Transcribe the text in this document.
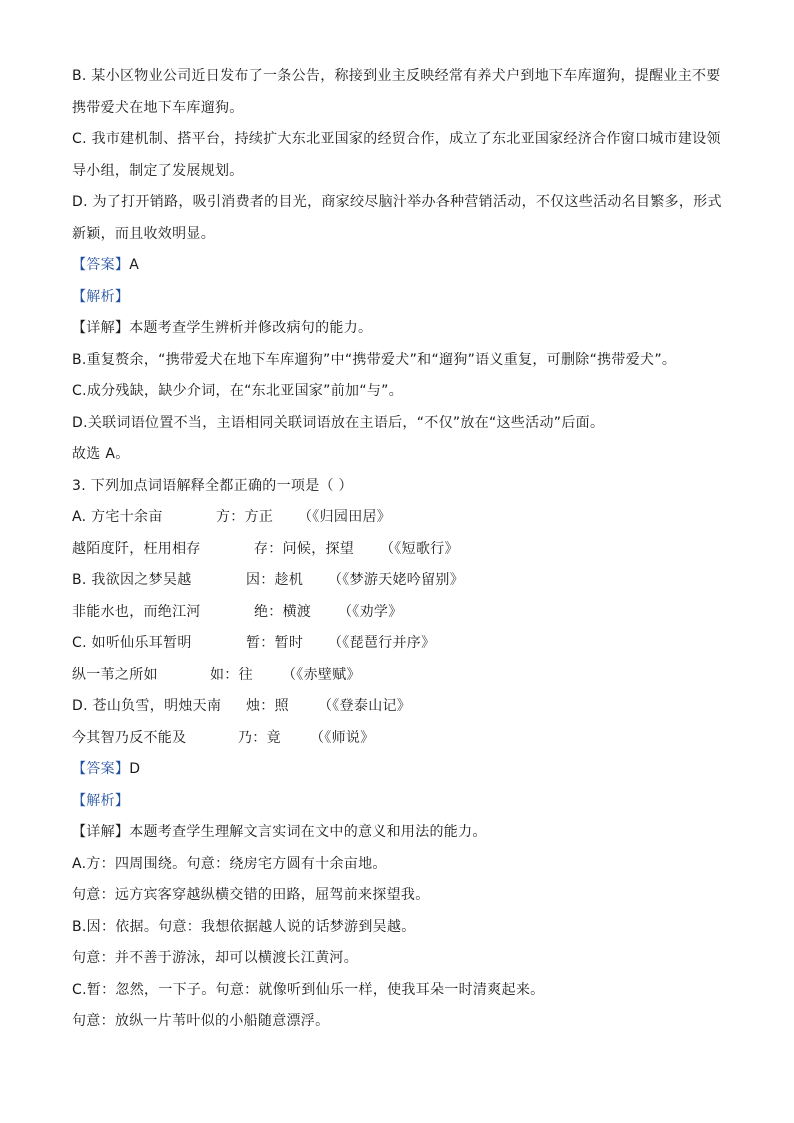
B. 某小区物业公司近日发布了一条公告，称接到业主反映经常有养犬户到地下车库遛狗，提醒业主不要
携带爱犬在地下车库遛狗。
C. 我市建机制、搭平台，持续扩大东北亚国家的经贸合作，成立了东北亚国家经济合作窗口城市建设领
导小组，制定了发展规划。
D. 为了打开销路，吸引消费者的目光，商家绞尽脑汁举办各种营销活动，不仅这些活动名目繁多，形式
新颖，而且收效明显。
【答案】A
【解析】
【详解】本题考查学生辨析并修改病句的能力。
B.重复赘余，“携带爱犬在地下车库遛狗”中“携带爱犬”和“遛狗”语义重复，可删除“携带爱犬”。
C.成分残缺，缺少介词，在“东北亚国家”前加“与”。
D.关联词语位置不当，主语相同关联词语放在主语后，“不仅”放在“这些活动”后面。
故选 A。
3. 下列加点词语解释全都正确的一项是（ ）
A. 方宅十余亩	方：方正 （《归园田居》
越陌度阡，枉用相存	存：问候，探望 （《短歌行》
B. 我欲因之梦吴越	因：趁机 （《梦游天姥吟留别》
非能水也，而绝江河	绝：横渡 （《劝学》
C. 如听仙乐耳暂明	暂：暂时 （《琵琶行并序》
纵一苇之所如	如：往 （《赤壁赋》
D. 苍山负雪，明烛天南 烛：照 （《登泰山记》
今其智乃反不能及	乃：竟 （《师说》
【答案】D
【解析】
【详解】本题考查学生理解文言实词在文中的意义和用法的能力。
A.方：四周围绕。句意：绕房宅方圆有十余亩地。
句意：远方宾客穿越纵横交错的田路，屈驾前来探望我。
B.因：依据。句意：我想依据越人说的话梦游到吴越。
句意：并不善于游泳，却可以横渡长江黄河。
C.暂：忽然，一下子。句意：就像听到仙乐一样，使我耳朵一时清爽起来。
句意：放纵一片苇叶似的小船随意漂浮。
